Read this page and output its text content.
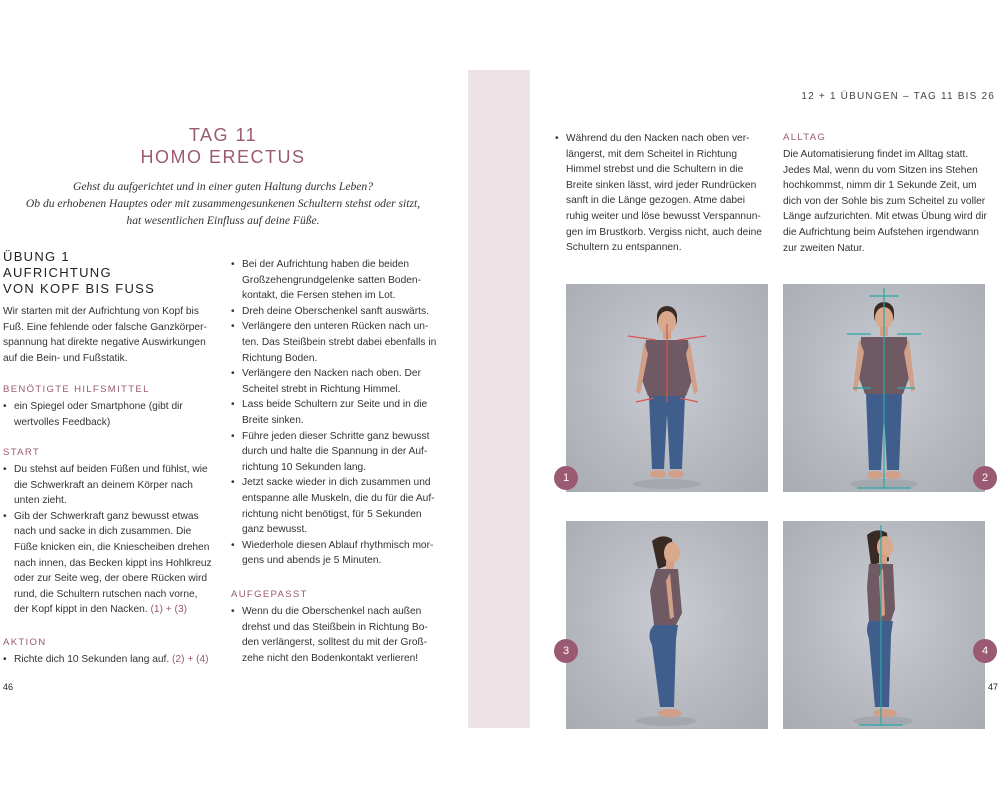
TAG 11
HOMO ERECTUS
Gehst du aufgerichtet und in einer guten Haltung durchs Leben?
Ob du erhobenen Hauptes oder mit zusammengesunkenen Schultern stehst oder sitzt,
hat wesentlichen Einfluss auf deine Füße.
ÜBUNG 1
AUFRICHTUNG
VON KOPF BIS FUSS
Wir starten mit der Aufrichtung von Kopf bis
Fuß. Eine fehlende oder falsche Ganzkörper-
spannung hat direkte negative Auswirkungen
auf die Bein- und Fußstatik.
BENÖTIGTE HILFSMITTEL
• ein Spiegel oder Smartphone (gibt dir
wertvolles Feedback)
START
• Du stehst auf beiden Füßen und fühlst, wie
die Schwerkraft an deinem Körper nach
unten zieht.
• Gib der Schwerkraft ganz bewusst etwas
nach und sacke in dich zusammen. Die
Füße knicken ein, die Kniescheiben drehen
nach innen, das Becken kippt ins Hohlkreuz
oder zur Seite weg, der obere Rücken wird
rund, die Schultern rutschen nach vorne,
der Kopf kippt in den Nacken. (1) + (3)
AKTION
• Richte dich 10 Sekunden lang auf. (2) + (4)
46
• Bei der Aufrichtung haben die beiden
Großzehengrundgelenke satten Boden-
kontakt, die Fersen stehen im Lot.
• Dreh deine Oberschenkel sanft auswärts.
• Verlängere den unteren Rücken nach un-
ten. Das Steißbein strebt dabei ebenfalls in
Richtung Boden.
• Verlängere den Nacken nach oben. Der
Scheitel strebt in Richtung Himmel.
• Lass beide Schultern zur Seite und in die
Breite sinken.
• Führe jeden dieser Schritte ganz bewusst
durch und halte die Spannung in der Auf-
richtung 10 Sekunden lang.
• Jetzt sacke wieder in dich zusammen und
entspanne alle Muskeln, die du für die Auf-
richtung nicht benötigst, für 5 Sekunden
ganz bewusst.
• Wiederhole diesen Ablauf rhythmisch mor-
gens und abends je 5 Minuten.
AUFGEPASST
• Wenn du die Oberschenkel nach außen
drehst und das Steißbein in Richtung Bo-
den verlängerst, solltest du mit der Groß-
zehe nicht den Bodenkontakt verlieren!
12 + 1 ÜBUNGEN – TAG 11 BIS 26
• Während du den Nacken nach oben ver-
längerst, mit dem Scheitel in Richtung
Himmel strebst und die Schultern in die
Breite sinken lässt, wird jeder Rundrücken
sanft in die Länge gezogen. Atme dabei
ruhig weiter und löse bewusst Verspannun-
gen im Brustkorb. Vergiss nicht, auch deine
Schultern zu entspannen.
ALLTAG
Die Automatisierung findet im Alltag statt.
Jedes Mal, wenn du vom Sitzen ins Stehen
hochkommst, nimm dir 1 Sekunde Zeit, um
dich von der Sohle bis zum Scheitel zu voller
Länge aufzurichten. Mit etwas Übung wird dir
die Aufrichtung beim Aufstehen irgendwann
zur zweiten Natur.
1	2
3	4
47
